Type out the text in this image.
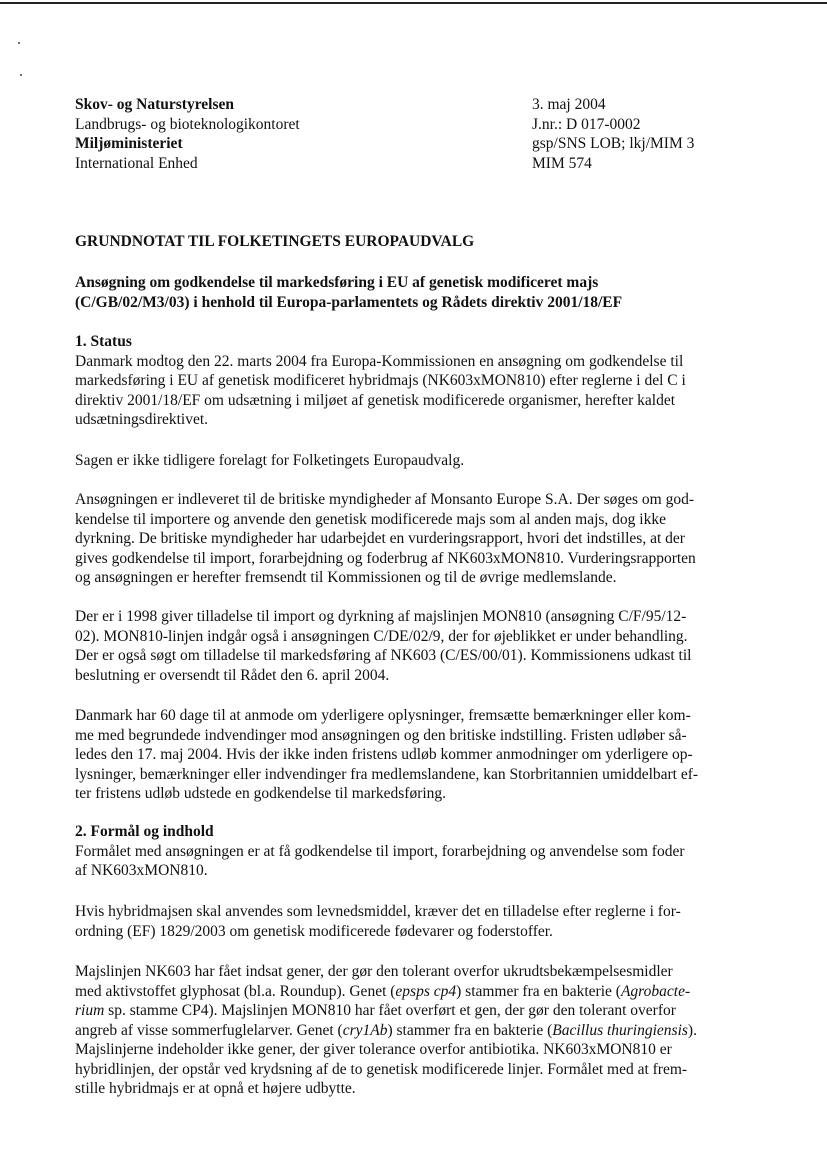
Skov- og Naturstyrelsen
Landbrugs- og bioteknologikontoret
Miljøministeriet
International Enhed
3. maj 2004
J.nr.: D 017-0002
gsp/SNS LOB; lkj/MIM 3
MIM 574
GRUNDNOTAT TIL FOLKETINGETS EUROPAUDVALG
Ansøgning om godkendelse til markedsføring i EU af genetisk modificeret majs
(C/GB/02/M3/03) i henhold til Europa-parlamentets og Rådets direktiv 2001/18/EF
1. Status
Danmark modtog den 22. marts 2004 fra Europa-Kommissionen en ansøgning om godkendelse til
markedsføring i EU af genetisk modificeret hybridmajs (NK603xMON810) efter reglerne i del C i
direktiv 2001/18/EF om udsætning i miljøet af genetisk modificerede organismer, herefter kaldet
udsætningsdirektivet.
Sagen er ikke tidligere forelagt for Folketingets Europaudvalg.
Ansøgningen er indleveret til de britiske myndigheder af Monsanto Europe S.A. Der søges om god-
kendelse til importere og anvende den genetisk modificerede majs som al anden majs, dog ikke
dyrkning. De britiske myndigheder har udarbejdet en vurderingsrapport, hvori det indstilles, at der
gives godkendelse til import, forarbejdning og foderbrug af NK603xMON810. Vurderingsrapporten
og ansøgningen er herefter fremsendt til Kommissionen og til de øvrige medlemslande.
Der er i 1998 giver tilladelse til import og dyrkning af majslinjen MON810 (ansøgning C/F/95/12-
02). MON810-linjen indgår også i ansøgningen C/DE/02/9, der for øjeblikket er under behandling.
Der er også søgt om tilladelse til markedsføring af NK603 (C/ES/00/01). Kommissionens udkast til
beslutning er oversendt til Rådet den 6. april 2004.
Danmark har 60 dage til at anmode om yderligere oplysninger, fremsætte bemærkninger eller kom-
me med begrundede indvendinger mod ansøgningen og den britiske indstilling. Fristen udløber så-
ledes den 17. maj 2004. Hvis der ikke inden fristens udløb kommer anmodninger om yderligere op-
lysninger, bemærkninger eller indvendinger fra medlemslandene, kan Storbritannien umiddelbart ef-
ter fristens udløb udstede en godkendelse til markedsføring.
2. Formål og indhold
Formålet med ansøgningen er at få godkendelse til import, forarbejdning og anvendelse som foder
af NK603xMON810.
Hvis hybridmajsen skal anvendes som levnedsmiddel, kræver det en tilladelse efter reglerne i for-
ordning (EF) 1829/2003 om genetisk modificerede fødevarer og foderstoffer.
Majslinjen NK603 har fået indsat gener, der gør den tolerant overfor ukrudtsbekæmpelsesmidler
med aktivstoffet glyphosat (bl.a. Roundup). Genet (epsps cp4) stammer fra en bakterie (Agrobacte-
rium sp. stamme CP4). Majslinjen MON810 har fået overført et gen, der gør den tolerant overfor
angreb af visse sommerfuglelarver. Genet (cry1Ab) stammer fra en bakterie (Bacillus thuringiensis).
Majslinjerne indeholder ikke gener, der giver tolerance overfor antibiotika. NK603xMON810 er
hybridlinjen, der opstår ved krydsning af de to genetisk modificerede linjer. Formålet med at frem-
stille hybridmajs er at opnå et højere udbytte.
